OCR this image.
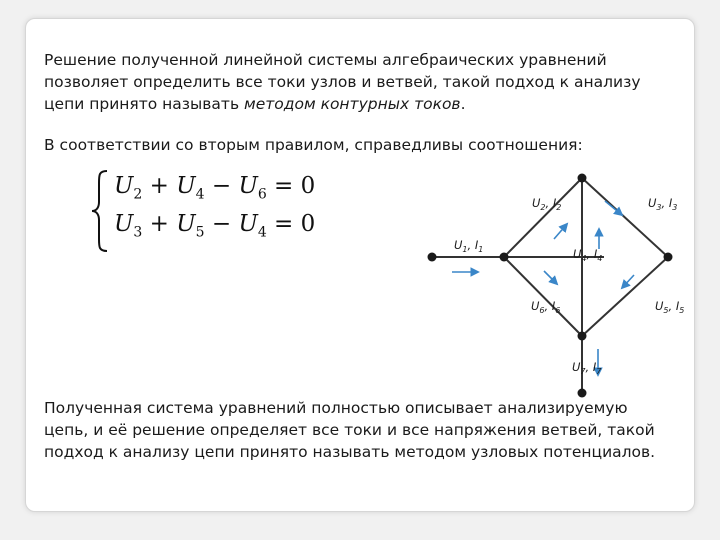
Решение полученной линейной системы алгебраических уравнений позволяет определить все токи узлов и ветвей, такой подход к анализу цепи принято называть методом контурных токов.

В соответствии со вторым правилом, справедливы соотношения:

$U_2 + U_4 - U_6 = 0$
$U_3 + U_5 - U_4 = 0$
$U_1$, $I_1$
$U_2$, $I_2$	$U_3$, $I_3$
$U_4$, $I_4$
$U_5$, $I_5$
$U_6$, $I_6$
$U_7$, $I_7$

Полученная система уравнений полностью описывает анализируемую цепь, и её решение определяет все токи и все напряжения ветвей, такой подход к анализу цепи принято называть методом узловых потенциалов.
